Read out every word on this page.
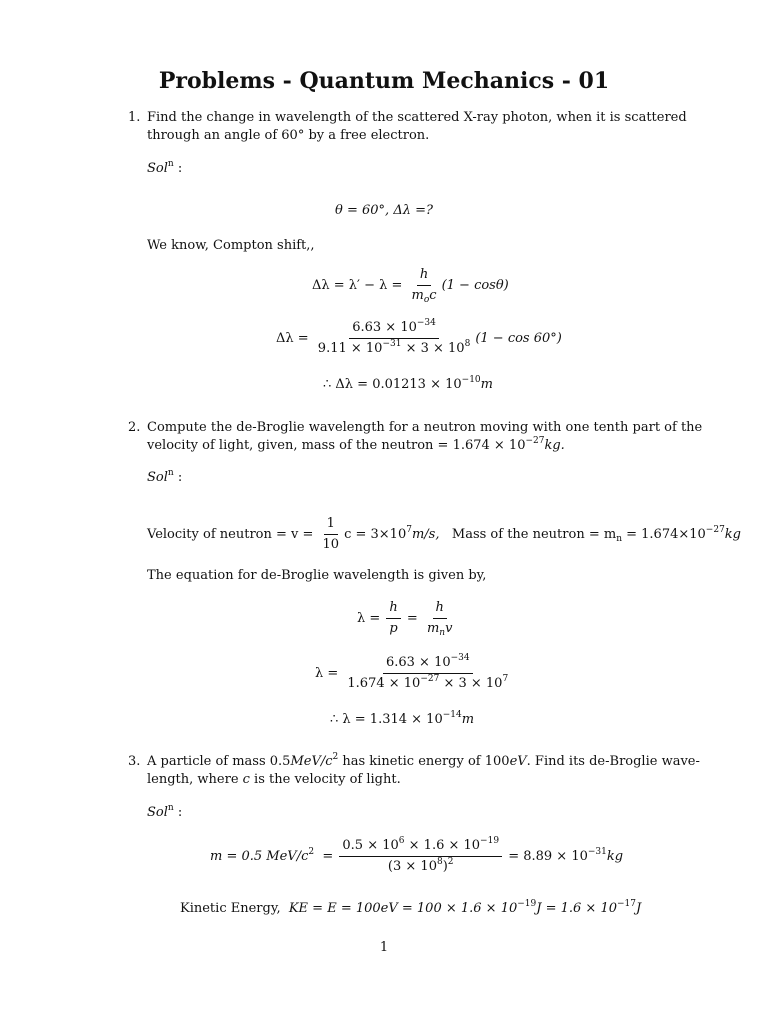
Problems - Quantum Mechanics - 01
1. Find the change in wavelength of the scattered X-ray photon, when it is scattered
through an angle of 60° by a free electron.
Sol$^n$ :
θ = 60°, Δλ =?
We know, Compton shift,,
$\Delta\lambda = \lambda' - \lambda = \frac{h}{m_oc} (1 - \cos\theta)$
$\Delta\lambda = \frac{6.63 \times 10^{-34}}{9.11 \times 10^{-31} \times 3 \times 10^8} (1 - \cos 60^\circ)$
∴ $\Delta\lambda = 0.01213 \times 10^{-10}m$
2. Compute the de-Broglie wavelength for a neutron moving with one tenth part of the
velocity of light, given, mass of the neutron = $1.674 \times 10^{-27}kg$.
Sol$^n$ :
Velocity of neutron = $v = \frac{1}{10}$ $c = 3\times 10^7m/s$, Mass of the neutron = $m_n = 1.674\times 10^{-27}kg$
The equation for de-Broglie wavelength is given by,
$\lambda = \frac{h}{p} = \frac{h}{m_nv}$
$\lambda = \frac{6.63 \times 10^{-34}}{1.674 \times 10^{-27} \times 3 \times 10^7}$
∴ $\lambda = 1.314 \times 10^{-14}m$
3. A particle of mass $0.5MeV/c^2$ has kinetic energy of 100eV. Find its de-Broglie wave-
length, where c is the velocity of light.
Sol$^n$ :
m = 0.5 MeV/$c^2 = \frac{0.5 \times 10^6 \times 1.6 \times 10^{-19}}{(3 \times 10^8)^2} = 8.89 \times 10^{-31}kg$
Kinetic Energy, KE = $E = 100eV = 100 \times 1.6 \times 10^{-19}J = 1.6 \times 10^{-17}J$
1
